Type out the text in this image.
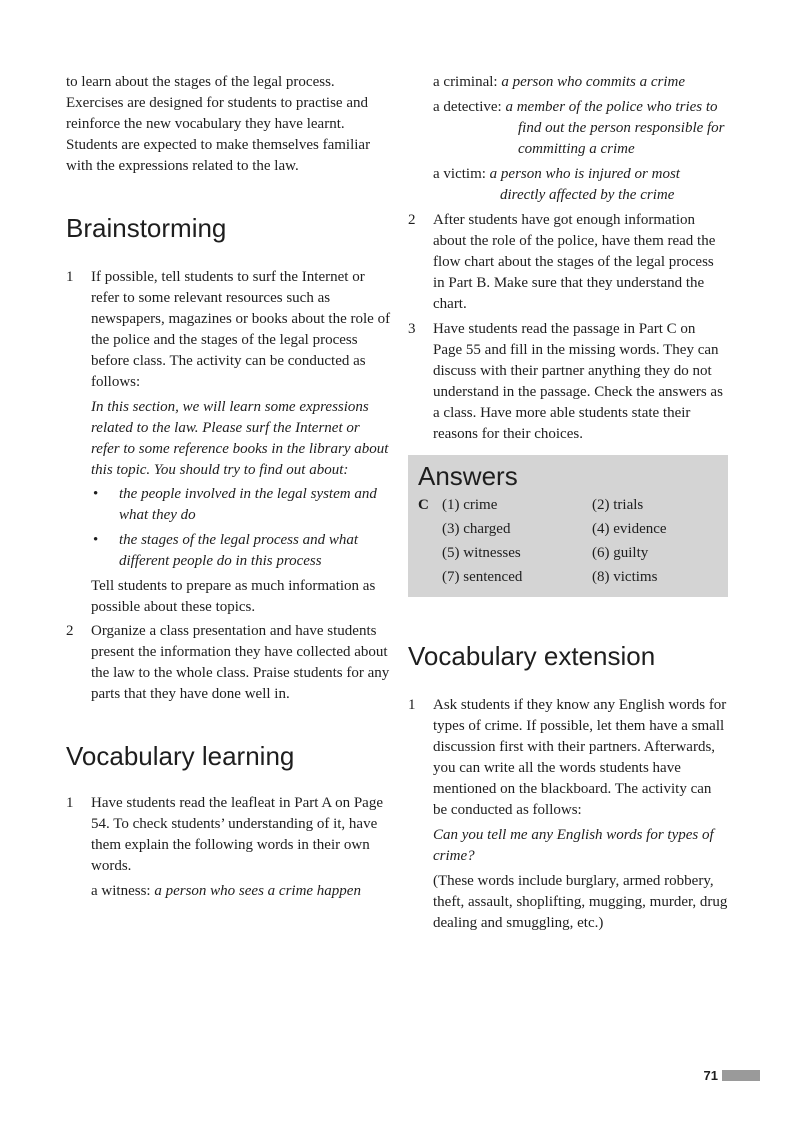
to learn about the stages of the legal process. Exercises are designed for students to practise and reinforce the new vocabulary they have learnt. Students are expected to make themselves familiar with the expressions related to the law.

Brainstorming
1 If possible, tell students to surf the Internet or refer to some relevant resources such as newspapers, magazines or books about the role of the police and the stages of the legal process before class. The activity can be conducted as follows:

In this section, we will learn some expressions related to the law. Please surf the Internet or refer to some reference books in the library about this topic. You should try to find out about:

• the people involved in the legal system and what they do
• the stages of the legal process and what different people do in this process

Tell students to prepare as much information as possible about these topics.

2 Organize a class presentation and have students present the information they have collected about the law to the whole class. Praise students for any parts that they have done well in.

Vocabulary learning
1 Have students read the leafleat in Part A on Page 54. To check students’ understanding of it, have them explain the following words in their own words.

a witness: a person who sees a crime happen

a criminal: a person who commits a crime

a detective: a member of the police who tries to find out the person responsible for committing a crime

a victim: a person who is injured or most directly affected by the crime

2 After students have got enough information about the role of the police, have them read the flow chart about the stages of the legal process in Part B. Make sure that they understand the chart.

3 Have students read the passage in Part C on Page 55 and fill in the missing words. They can discuss with their partner anything they do not understand in the passage. Check the answers as a class. Have more able students state their reasons for their choices.

Answers
C (1) crime	(2) trials
(3) charged	(4) evidence
(5) witnesses	(6) guilty
(7) sentenced	(8) victims
Vocabulary extension
1 Ask students if they know any English words for types of crime. If possible, let them have a small discussion first with their partners. Afterwards, you can write all the words students have mentioned on the blackboard. The activity can be conducted as follows:

Can you tell me any English words for types of crime?

(These words include burglary, armed robbery, theft, assault, shoplifting, mugging, murder, drug dealing and smuggling, etc.)

71
